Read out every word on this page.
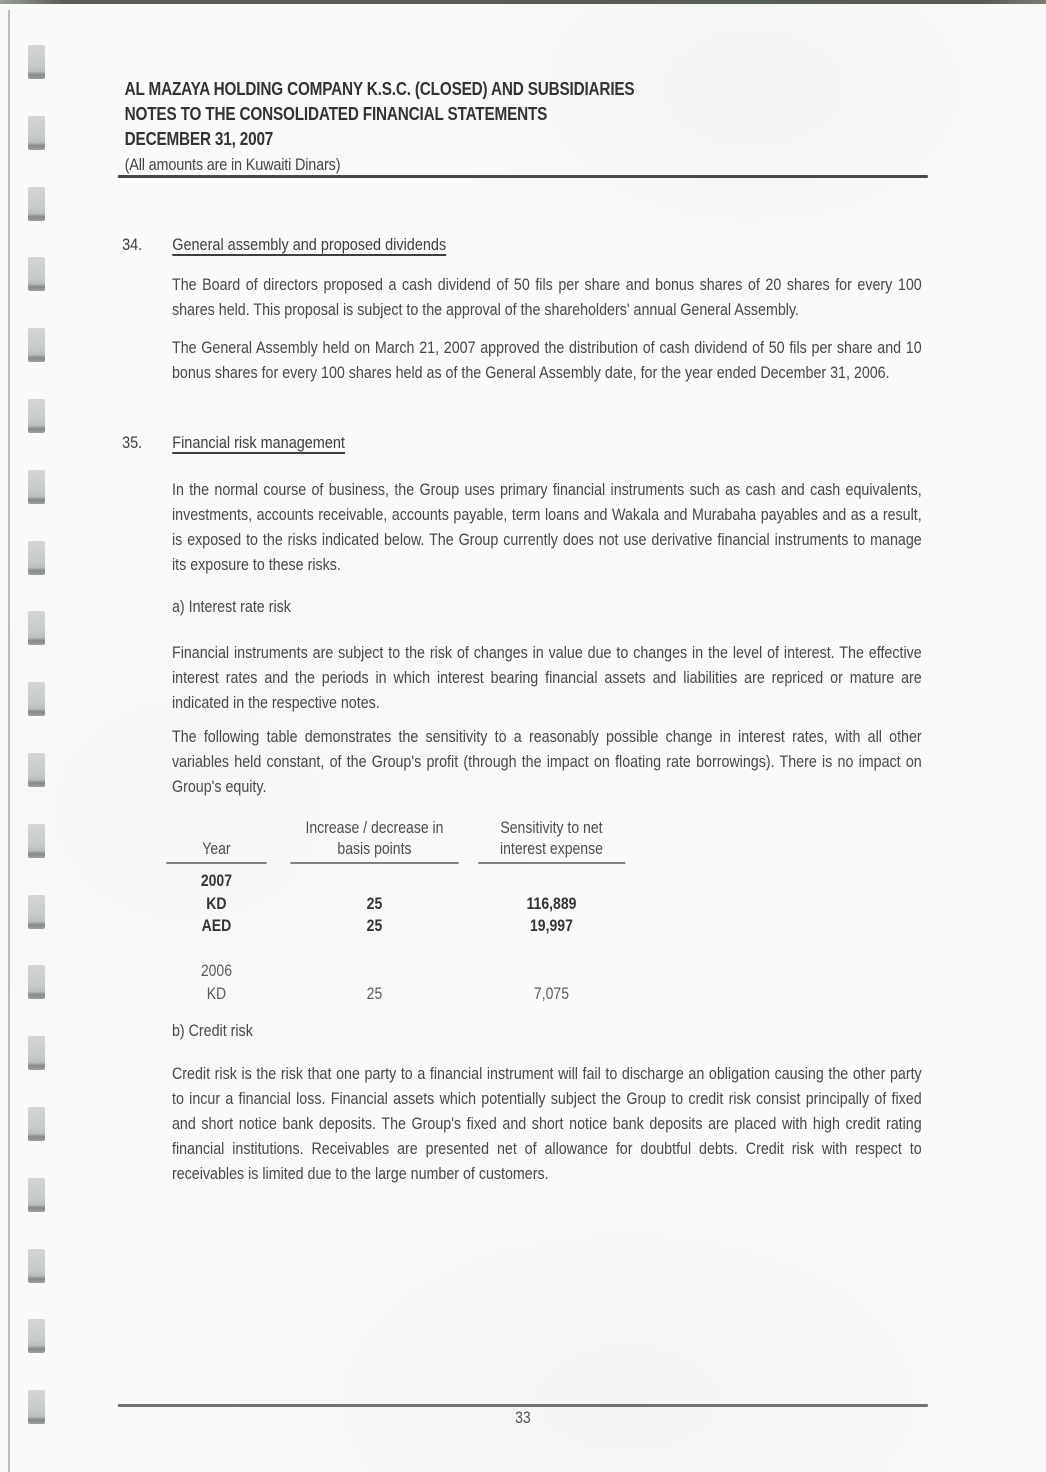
AL MAZAYA HOLDING COMPANY K.S.C. (CLOSED) AND SUBSIDIARIES
NOTES TO THE CONSOLIDATED FINANCIAL STATEMENTS
DECEMBER 31, 2007
(All amounts are in Kuwaiti Dinars)
34. General assembly and proposed dividends
The Board of directors proposed a cash dividend of 50 fils per share and bonus shares of 20 shares for every 100 shares held. This proposal is subject to the approval of the shareholders' annual General Assembly.
The General Assembly held on March 21, 2007 approved the distribution of cash dividend of 50 fils per share and 10 bonus shares for every 100 shares held as of the General Assembly date, for the year ended December 31, 2006.
35. Financial risk management
In the normal course of business, the Group uses primary financial instruments such as cash and cash equivalents, investments, accounts receivable, accounts payable, term loans and Wakala and Murabaha payables and as a result, is exposed to the risks indicated below. The Group currently does not use derivative financial instruments to manage its exposure to these risks.
a) Interest rate risk
Financial instruments are subject to the risk of changes in value due to changes in the level of interest. The effective interest rates and the periods in which interest bearing financial assets and liabilities are repriced or mature are indicated in the respective notes.
The following table demonstrates the sensitivity to a reasonably possible change in interest rates, with all other variables held constant, of the Group's profit (through the impact on floating rate borrowings). There is no impact on Group's equity.
Year
2007
KD
AED
2006
KD
Increase / decrease in
basis points
25
25
25
Sensitivity to net
interest expense
116,889
19,997
7,075
b) Credit risk
Credit risk is the risk that one party to a financial instrument will fail to discharge an obligation causing the other party to incur a financial loss. Financial assets which potentially subject the Group to credit risk consist principally of fixed and short notice bank deposits. The Group's fixed and short notice bank deposits are placed with high credit rating financial institutions. Receivables are presented net of allowance for doubtful debts. Credit risk with respect to receivables is limited due to the large number of customers.
33
